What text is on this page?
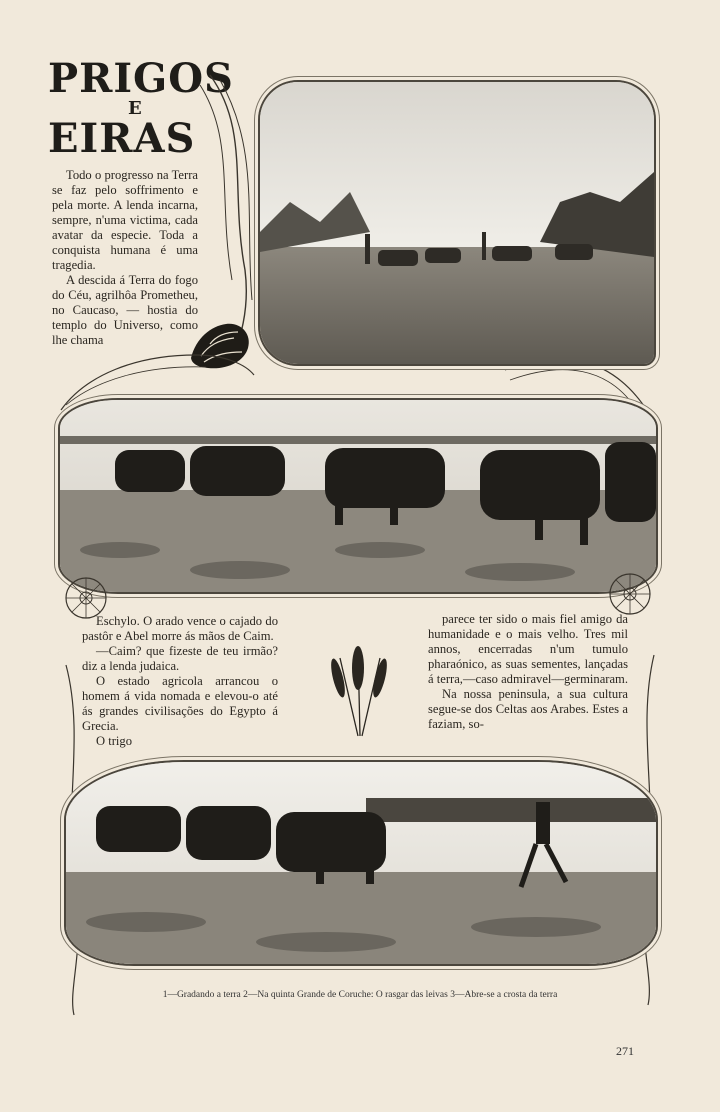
PRIGOS
E
EIRAS

Todo o progresso na Terra se faz pelo soffrimento e pela morte. A lenda incarna, sempre, n'uma victima, cada avatar da especie. Toda a conquista humana é uma tragedia.

A descida á Terra do fogo do Céu, agrilhôa Prometheu, no Caucaso, — hostia do templo do Universo, como lhe chama

Eschylo. O arado vence o cajado do pastôr e Abel morre ás mãos de Caim.

—Caim? que fizeste de teu irmão? diz a lenda judaica.

O estado agricola arrancou o homem á vida nomada e elevou-o até ás grandes civilisações do Egypto á Grecia.

O trigo

parece ter sido o mais fiel amigo da humanidade e o mais velho. Tres mil annos, encerradas n'um tumulo pharaónico, as suas sementes, lançadas á terra,—caso admiravel—germinaram.

Na nossa peninsula, a sua cultura segue-se dos Celtas aos Arabes. Estes a faziam, so-

1—Gradando a terra 2—Na quinta Grande de Coruche: O rasgar das leivas 3—Abre-se a crosta da terra
271
